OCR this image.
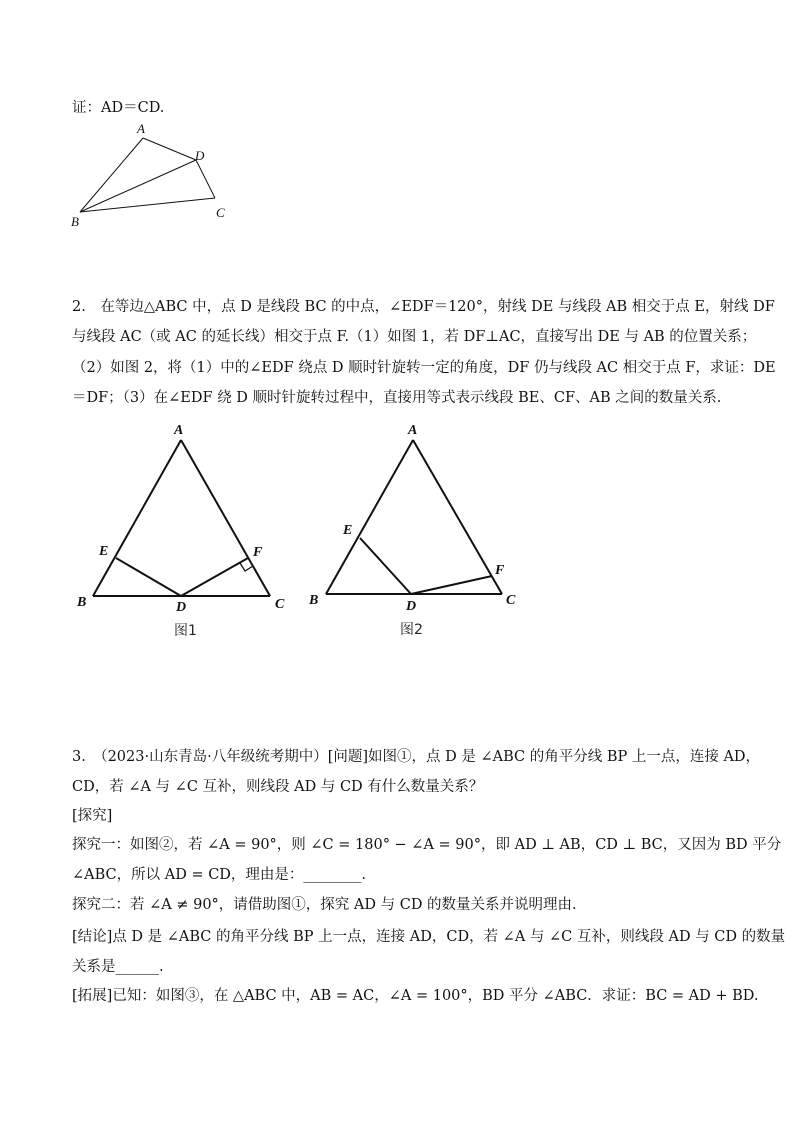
证：AD＝CD.
A
D
C
B
A
E	F
B	D	C
图1
A
E
F
B	D	C
图2
2.　在等边△ABC 中，点 D 是线段 BC 的中点，∠EDF＝120°，射线 DE 与线段 AB 相交于点 E，射线 DF
与线段 AC（或 AC 的延长线）相交于点 F.（1）如图 1，若 DF⊥AC，直接写出 DE 与 AB 的位置关系；
（2）如图 2，将（1）中的∠EDF 绕点 D 顺时针旋转一定的角度，DF 仍与线段 AC 相交于点 F，求证：DE
＝DF；（3）在∠EDF 绕 D 顺时针旋转过程中，直接用等式表示线段 BE、CF、AB 之间的数量关系.
3.　（2023·山东青岛·八年级统考期中）[问题]如图①，点 D 是 ∠ABC 的角平分线 BP 上一点，连接 AD，
CD，若 ∠A 与 ∠C 互补，则线段 AD 与 CD 有什么数量关系？
[探究]
探究一：如图②，若 ∠A = 90°，则 ∠C = 180° − ∠A = 90°，即 AD ⊥ AB，CD ⊥ BC，又因为 BD 平分
∠ABC，所以 AD = CD，理由是：________.
探究二：若 ∠A ≠ 90°，请借助图①，探究 AD 与 CD 的数量关系并说明理由.
[结论]点 D 是 ∠ABC 的角平分线 BP 上一点，连接 AD，CD，若 ∠A 与 ∠C 互补，则线段 AD 与 CD 的数量
关系是______.
[拓展]已知：如图③，在 △ABC 中，AB = AC，∠A = 100°，BD 平分 ∠ABC．求证：BC = AD + BD.
